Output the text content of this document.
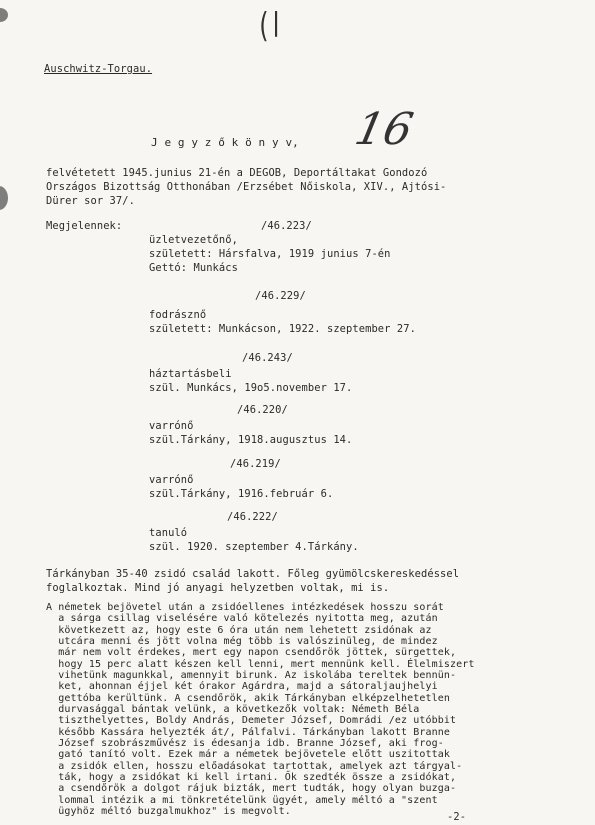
(l
Auschwitz-Torgau.
16
J e g y z ő k ö n y v,
felvétetett 1945.junius 21-én a DEGOB, Deportáltakat Gondozó
Országos Bizottság Otthonában /Erzsébet Nőiskola, XIV., Ajtósi-
Dürer sor 37/.
Megjelennek:	/46.223/
üzletvezetőnő,
született: Hársfalva, 1919 junius 7-én
Gettó: Munkács
/46.229/
fodrásznő
született: Munkácson, 1922. szeptember 27.
/46.243/
háztartásbeli
szül. Munkács, 19o5.november 17.
/46.220/
varrónő
szül.Tárkány, 1918.augusztus 14.
/46.219/
varrónő
szül.Tárkány, 1916.február 6.
/46.222/
tanuló
szül. 1920. szeptember 4.Tárkány.
Tárkányban 35-40 zsidó család lakott. Főleg gyümölcskereskedéssel
foglalkoztak. Mind jó anyagi helyzetben voltak, mi is.
A németek bejövetel után a zsidóellenes intézkedések hosszu sorát
a sárga csillag viselésére való kötelezés nyitotta meg, azután
következett az, hogy este 6 óra után nem lehetett zsidónak az
utcára menni és jött volna még több is valószinüleg, de mindez
már nem volt érdekes, mert egy napon csendőrök jöttek, sürgettek,
hogy 15 perc alatt készen kell lenni, mert mennünk kell. Élelmiszert
vihetünk magunkkal, amennyit birunk. Az iskolába tereltek bennün-
ket, ahonnan éjjel két órakor Agárdra, majd a sátoraljaujhelyi
gettóba kerültünk. A csendőrök, akik Tárkányban elképzelhetetlen
durvasággal bántak velünk, a következők voltak: Németh Béla
tiszthelyettes, Boldy András, Demeter József, Domrádi /ez utóbbit
később Kassára helyezték át/, Pálfalvi. Tárkányban lakott Branne
József szobrászművész is édesanja idb. Branne József, aki frog-
gató tanító volt. Ezek már a németek bejövetele előtt uszitottak
a zsidók ellen, hosszu előadásokat tartottak, amelyek azt tárgyal-
ták, hogy a zsidókat ki kell irtani. Ők szedték össze a zsidókat,
a csendőrök a dolgot rájuk bizták, mert tudták, hogy olyan buzga-
lommal intézik a mi tönkretételünk ügyét, amely méltó a "szent
ügyhöz méltó buzgalmukhoz" is megvolt.	-2-
